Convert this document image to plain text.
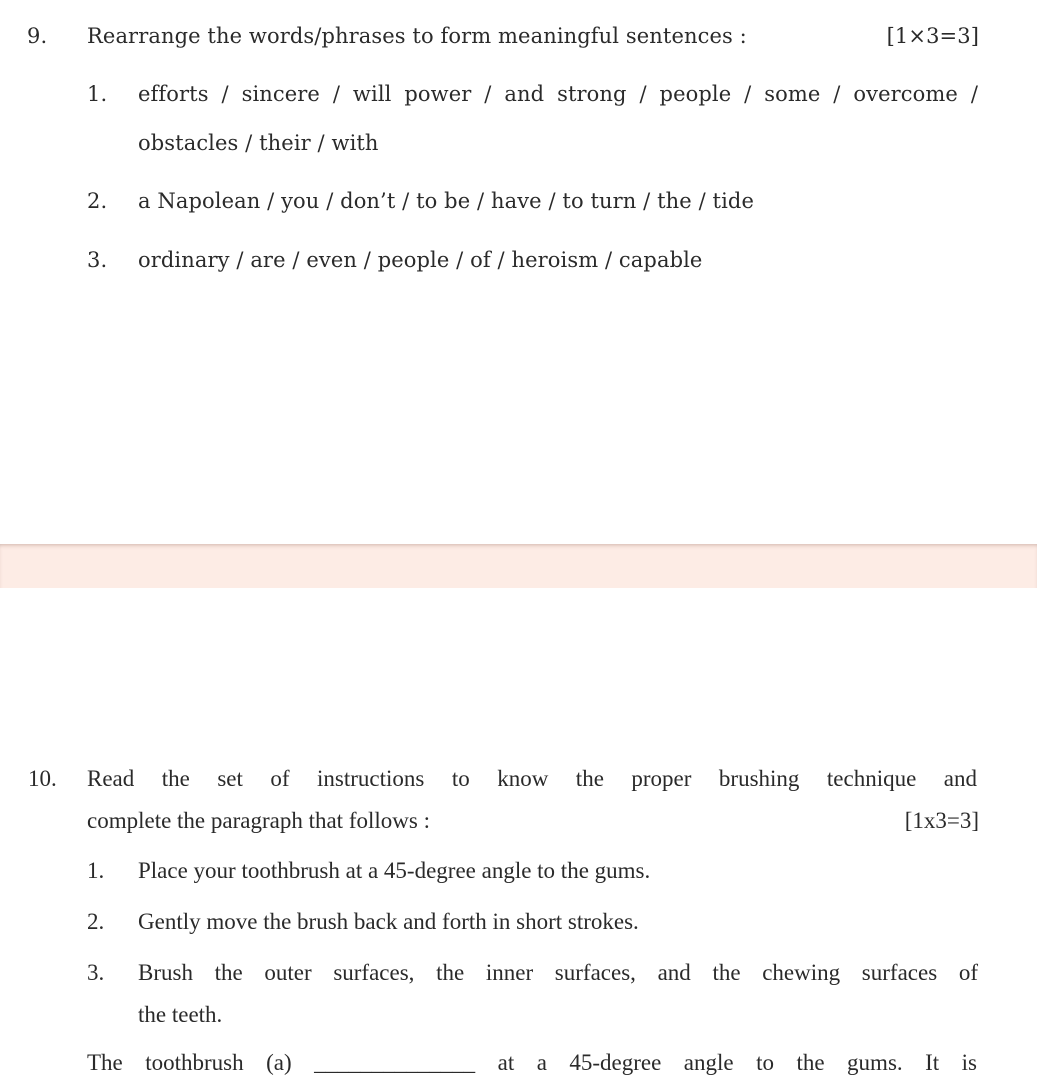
9. Rearrange the words/phrases to form meaningful sentences :	[1×3=3]
1. efforts / sincere / will power / and strong / people / some / overcome /
obstacles / their / with
2. a Napolean / you / don’t / to be / have / to turn / the / tide
3. ordinary / are / even / people / of / heroism / capable
10. Read the set of instructions to know the proper brushing technique and
complete the paragraph that follows :	[1x3=3]
1. Place your toothbrush at a 45-degree angle to the gums.
2. Gently move the brush back and forth in short strokes.
3. Brush the outer surfaces, the inner surfaces, and the chewing surfaces of
the teeth.
The toothbrush (a) ______________ at a 45-degree angle to the gums. It is
